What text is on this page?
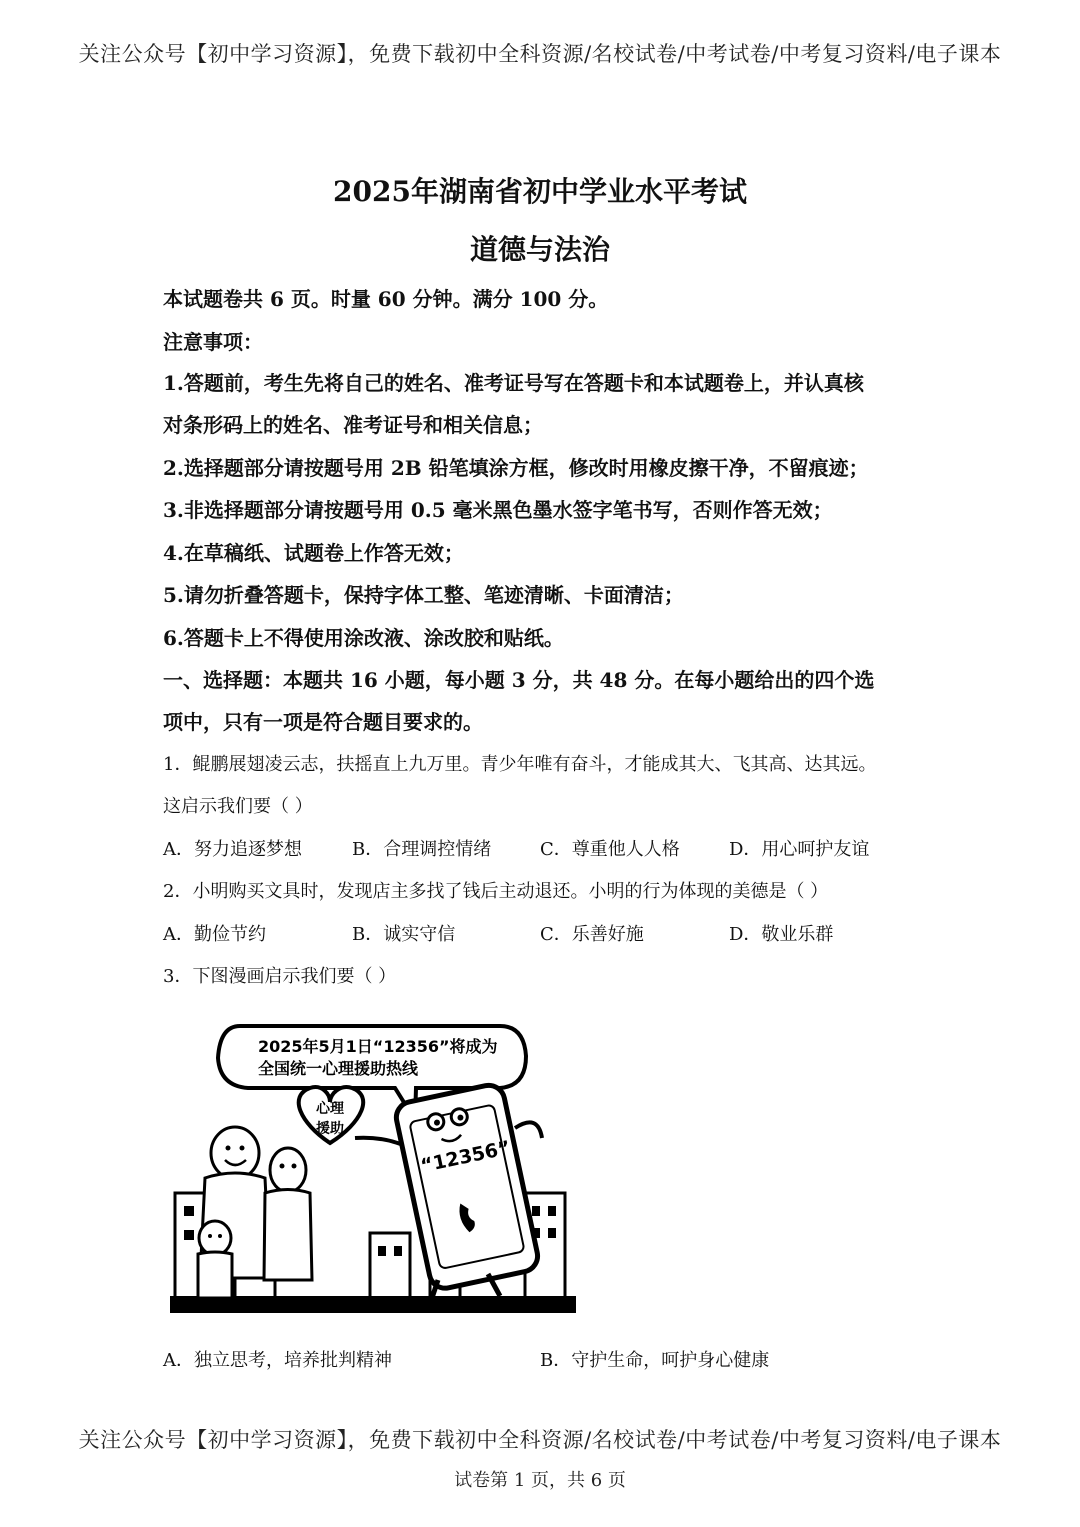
关注公众号【初中学习资源】，免费下载初中全科资源/名校试卷/中考试卷/中考复习资料/电子课本
2025年湖南省初中学业水平考试
道德与法治
本试题卷共 6 页。时量 60 分钟。满分 100 分。
注意事项：
1.答题前，考生先将自己的姓名、准考证号写在答题卡和本试题卷上，并认真核
对条形码上的姓名、准考证号和相关信息；
2.选择题部分请按题号用 2B 铅笔填涂方框，修改时用橡皮擦干净，不留痕迹；
3.非选择题部分请按题号用 0.5 毫米黑色墨水签字笔书写，否则作答无效；
4.在草稿纸、试题卷上作答无效；
5.请勿折叠答题卡，保持字体工整、笔迹清晰、卡面清洁；
6.答题卡上不得使用涂改液、涂改胶和贴纸。
一、选择题：本题共 16 小题，每小题 3 分，共 48 分。在每小题给出的四个选
项中，只有一项是符合题目要求的。
1．鲲鹏展翅凌云志，扶摇直上九万里。青少年唯有奋斗，才能成其大、飞其高、达其远。
这启示我们要（ ）
A．努力追逐梦想	B．合理调控情绪	C．尊重他人人格	D．用心呵护友谊
2．小明购买文具时，发现店主多找了钱后主动退还。小明的行为体现的美德是（ ）
A．勤俭节约	B．诚实守信	C．乐善好施	D．敬业乐群
3．下图漫画启示我们要（ ）
2025年5月1日“12356”将成为
全国统一心理援助热线
心理
援助
“12356”
A．独立思考，培养批判精神	B．守护生命，呵护身心健康
关注公众号【初中学习资源】，免费下载初中全科资源/名校试卷/中考试卷/中考复习资料/电子课本
试卷第 1 页，共 6 页
